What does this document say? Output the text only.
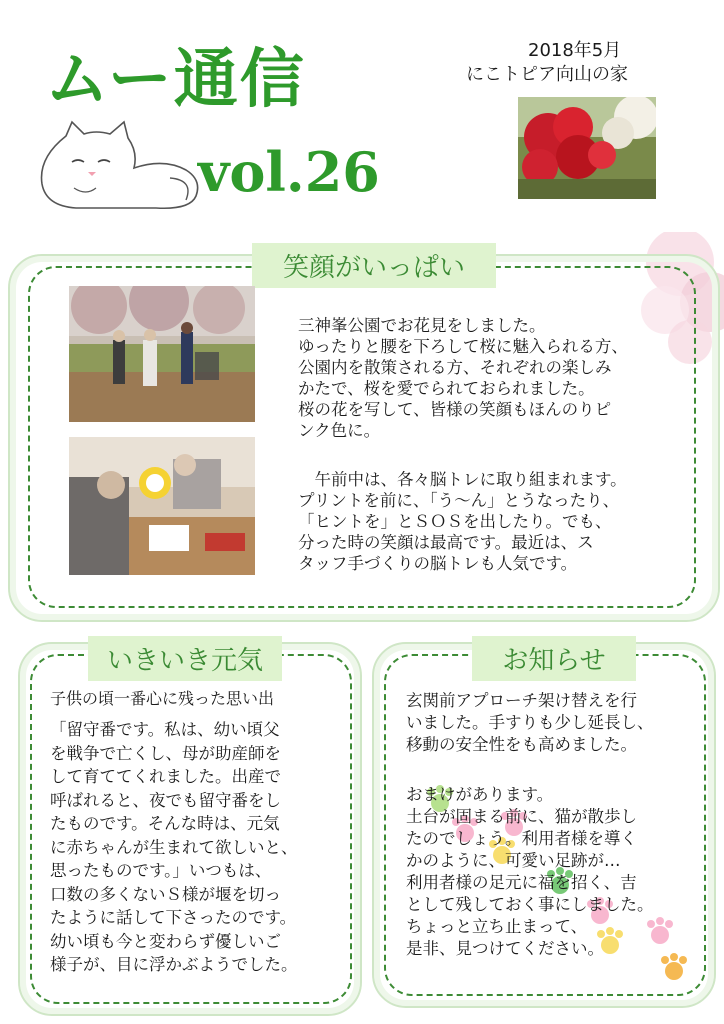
ムー通信
vol.26
2018年5月
にこトピア向山の家
笑顔がいっぱい

三神峯公園でお花見をしました。

ゆったりと腰を下ろして桜に魅入られる方、

公園内を散策される方、それぞれの楽しみ

かたで、桜を愛でられておられました。

桜の花を写して、皆様の笑顔もほんのりピ

ンク色に。

　午前中は、各々脳トレに取り組まれます。

プリントを前に、「う～ん」とうなったり、

「ヒントを」とＳＯＳを出したり。でも、

分った時の笑顔は最高です。最近は、ス

タッフ手づくりの脳トレも人気です。

いきいき元気
子供の頃一番心に残った思い出
「留守番です。私は、幼い頃父
を戦争で亡くし、母が助産師を
して育ててくれました。出産で
呼ばれると、夜でも留守番をし
たものです。そんな時は、元気
に赤ちゃんが生まれて欲しいと、
思ったものです。」いつもは、
口数の多くないＳ様が堰を切っ
たように話して下さったのです。
幼い頃も今と変わらず優しいご
様子が、目に浮かぶようでした。
お知らせ
玄関前アプローチ架け替えを行
いました。手すりも少し延長し、
移動の安全性をも高めました。
おまけがあります。
土台が固まる前に、猫が散歩し
たのでしょう。利用者様を導く
かのように、可愛い足跡が…
利用者様の足元に福を招く、吉
として残しておく事にしました。
ちょっと立ち止まって、
是非、見つけてください。
